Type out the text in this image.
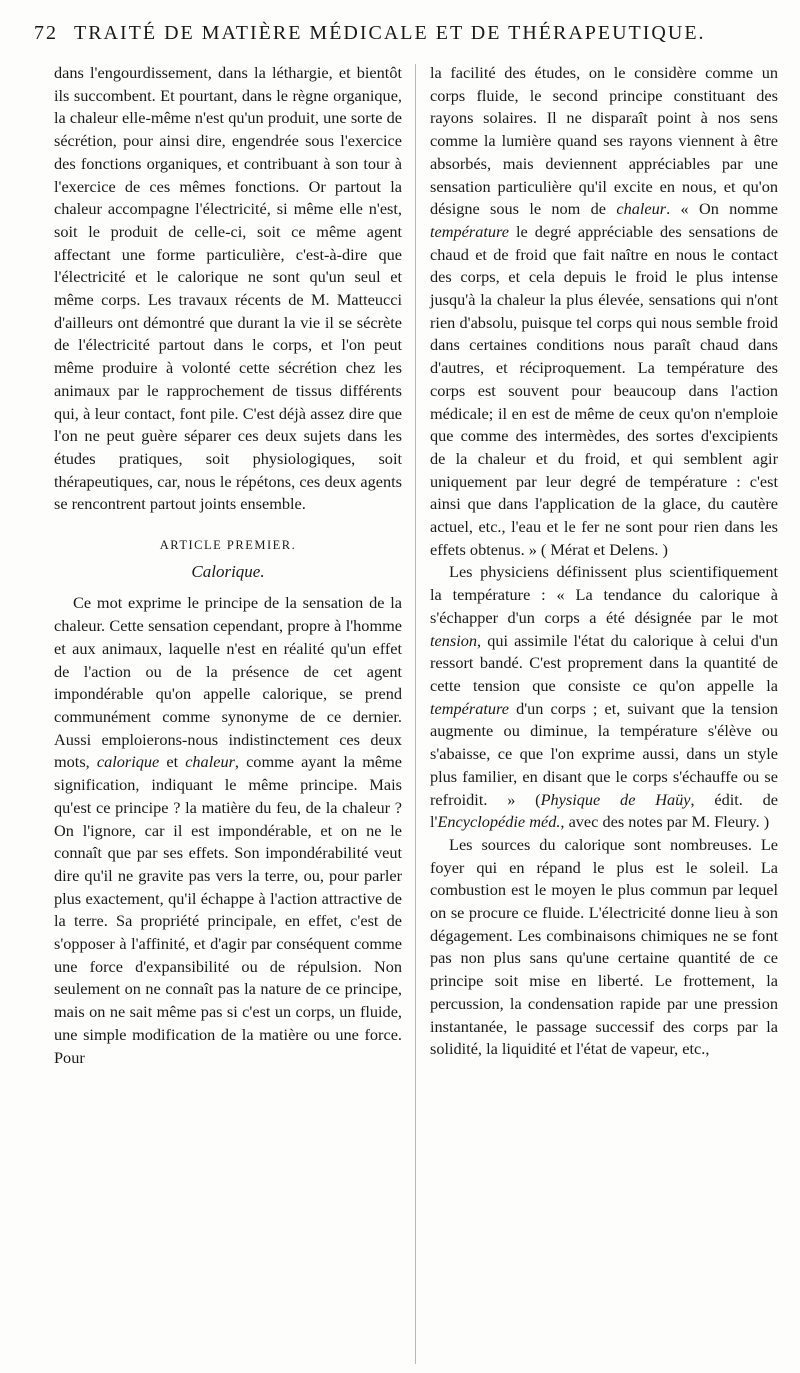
72 TRAITÉ DE MATIÈRE MÉDICALE ET DE THÉRAPEUTIQUE.

dans l'engourdissement, dans la léthargie, et bientôt ils succombent. Et pourtant, dans le règne organique, la chaleur elle-même n'est qu'un produit, une sorte de sécrétion, pour ainsi dire, engendrée sous l'exercice des fonctions organiques, et contribuant à son tour à l'exercice de ces mêmes fonctions. Or partout la chaleur accompagne l'électricité, si même elle n'est, soit le produit de celle-ci, soit ce même agent affectant une forme particulière, c'est-à-dire que l'électricité et le calorique ne sont qu'un seul et même corps. Les travaux récents de M. Matteucci d'ailleurs ont démontré que durant la vie il se sécrète de l'électricité partout dans le corps, et l'on peut même produire à volonté cette sécrétion chez les animaux par le rapprochement de tissus différents qui, à leur contact, font pile. C'est déjà assez dire que l'on ne peut guère séparer ces deux sujets dans les études pratiques, soit physiologiques, soit thérapeutiques, car, nous le répétons, ces deux agents se rencontrent partout joints ensemble.

ARTICLE PREMIER.
Calorique.

Ce mot exprime le principe de la sensation de la chaleur. Cette sensation cependant, propre à l'homme et aux animaux, laquelle n'est en réalité qu'un effet de l'action ou de la présence de cet agent impondérable qu'on appelle calorique, se prend communément comme synonyme de ce dernier. Aussi emploierons-nous indistinctement ces deux mots, calorique et chaleur, comme ayant la même signification, indiquant le même principe. Mais qu'est ce principe ? la matière du feu, de la chaleur ? On l'ignore, car il est impondérable, et on ne le connaît que par ses effets. Son impondérabilité veut dire qu'il ne gravite pas vers la terre, ou, pour parler plus exactement, qu'il échappe à l'action attractive de la terre. Sa propriété principale, en effet, c'est de s'opposer à l'affinité, et d'agir par conséquent comme une force d'expansibilité ou de répulsion. Non seulement on ne connaît pas la nature de ce principe, mais on ne sait même pas si c'est un corps, un fluide, une simple modification de la matière ou une force. Pour

la facilité des études, on le considère comme un corps fluide, le second principe constituant des rayons solaires. Il ne disparaît point à nos sens comme la lumière quand ses rayons viennent à être absorbés, mais deviennent appréciables par une sensation particulière qu'il excite en nous, et qu'on désigne sous le nom de chaleur. « On nomme température le degré appréciable des sensations de chaud et de froid que fait naître en nous le contact des corps, et cela depuis le froid le plus intense jusqu'à la chaleur la plus élevée, sensations qui n'ont rien d'absolu, puisque tel corps qui nous semble froid dans certaines conditions nous paraît chaud dans d'autres, et réciproquement. La température des corps est souvent pour beaucoup dans l'action médicale; il en est de même de ceux qu'on n'emploie que comme des intermèdes, des sortes d'excipients de la chaleur et du froid, et qui semblent agir uniquement par leur degré de température : c'est ainsi que dans l'application de la glace, du cautère actuel, etc., l'eau et le fer ne sont pour rien dans les effets obtenus. » ( Mérat et Delens. )

Les physiciens définissent plus scientifiquement la température : « La tendance du calorique à s'échapper d'un corps a été désignée par le mot tension, qui assimile l'état du calorique à celui d'un ressort bandé. C'est proprement dans la quantité de cette tension que consiste ce qu'on appelle la température d'un corps ; et, suivant que la tension augmente ou diminue, la température s'élève ou s'abaisse, ce que l'on exprime aussi, dans un style plus familier, en disant que le corps s'échauffe ou se refroidit. » (Physique de Haüy, édit. de l'Encyclopédie méd., avec des notes par M. Fleury. )

Les sources du calorique sont nombreuses. Le foyer qui en répand le plus est le soleil. La combustion est le moyen le plus commun par lequel on se procure ce fluide. L'électricité donne lieu à son dégagement. Les combinaisons chimiques ne se font pas non plus sans qu'une certaine quantité de ce principe soit mise en liberté. Le frottement, la percussion, la condensation rapide par une pression instantanée, le passage successif des corps par la solidité, la liquidité et l'état de vapeur, etc.,
